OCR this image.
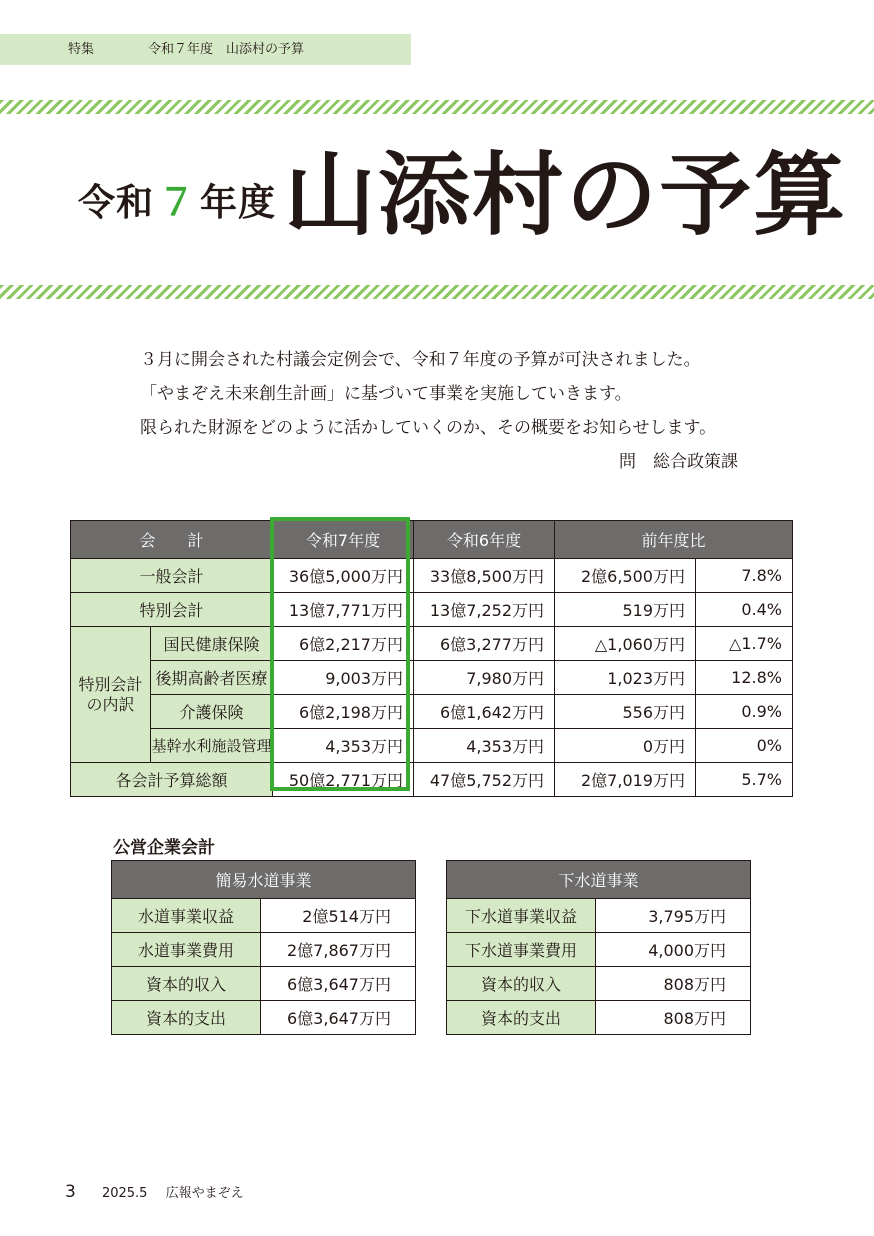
特集	令和７年度　山添村の予算
令和 ７ 年度 山添村の予算

３月に開会された村議会定例会で、令和７年度の予算が可決されました。

「やまぞえ未来創生計画」に基づいて事業を実施していきます。

限られた財源をどのように活かしていくのか、その概要をお知らせします。

問　総合政策課
会　　計		令和7年度	令和6年度	前年度比	
一般会計		36億5,000万円	33億8,500万円	2億6,500万円	7.8%
特別会計		13億7,771万円	13億7,252万円	519万円	0.4%
特別会計
の内訳	国民健康保険	6億2,217万円	6億3,277万円	△1,060万円	△1.7%
	後期高齢者医療	9,003万円	7,980万円	1,023万円	12.8%
	介護保険	6億2,198万円	6億1,642万円	556万円	0.9%
	基幹水利施設管理	4,353万円	4,353万円	0万円	0%
各会計予算総額		50億2,771万円	47億5,752万円	2億7,019万円	5.7%
公営企業会計
簡易水道事業	
水道事業収益	2億514万円
水道事業費用	2億7,867万円
資本的収入	6億3,647万円
資本的支出	6億3,647万円
下水道事業	
下水道事業収益	3,795万円
下水道事業費用	4,000万円
資本的収入	808万円
資本的支出	808万円
3 2025.5 広報やまぞえ
